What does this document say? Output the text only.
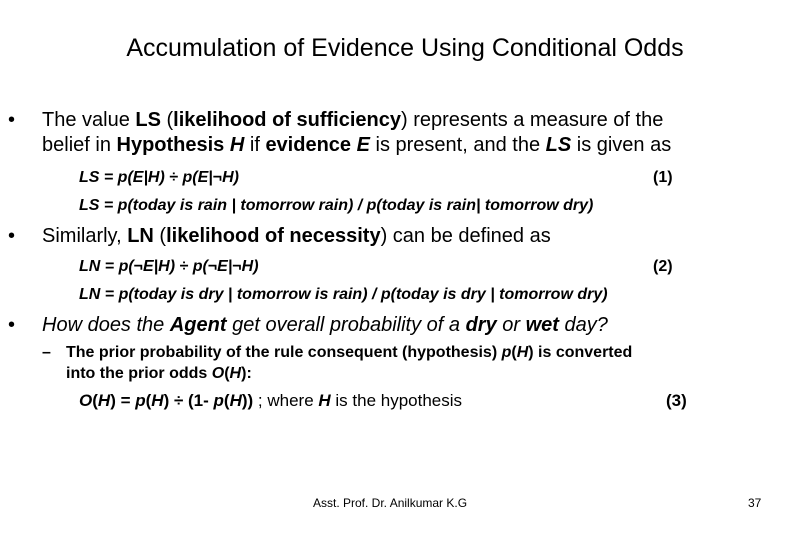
Accumulation of Evidence Using Conditional Odds
• The value LS (likelihood of sufficiency) represents a measure of the
belief in Hypothesis H if evidence E is present, and the LS is given as
LS = p(E|H) ÷ p(E|¬H)	(1)
LS = p(today is rain | tomorrow rain) / p(today is rain| tomorrow dry)
• Similarly, LN (likelihood of necessity) can be defined as
LN = p(¬E|H) ÷ p(¬E|¬H)	(2)
LN = p(today is dry | tomorrow is rain) / p(today is dry | tomorrow dry)
• How does the Agent get overall probability of a dry or wet day?
– The prior probability of the rule consequent (hypothesis) p(H) is converted
into the prior odds O(H):
O(H) = p(H) ÷ (1- p(H)) ; where H is the hypothesis	(3)
Asst. Prof. Dr. Anilkumar K.G	37
